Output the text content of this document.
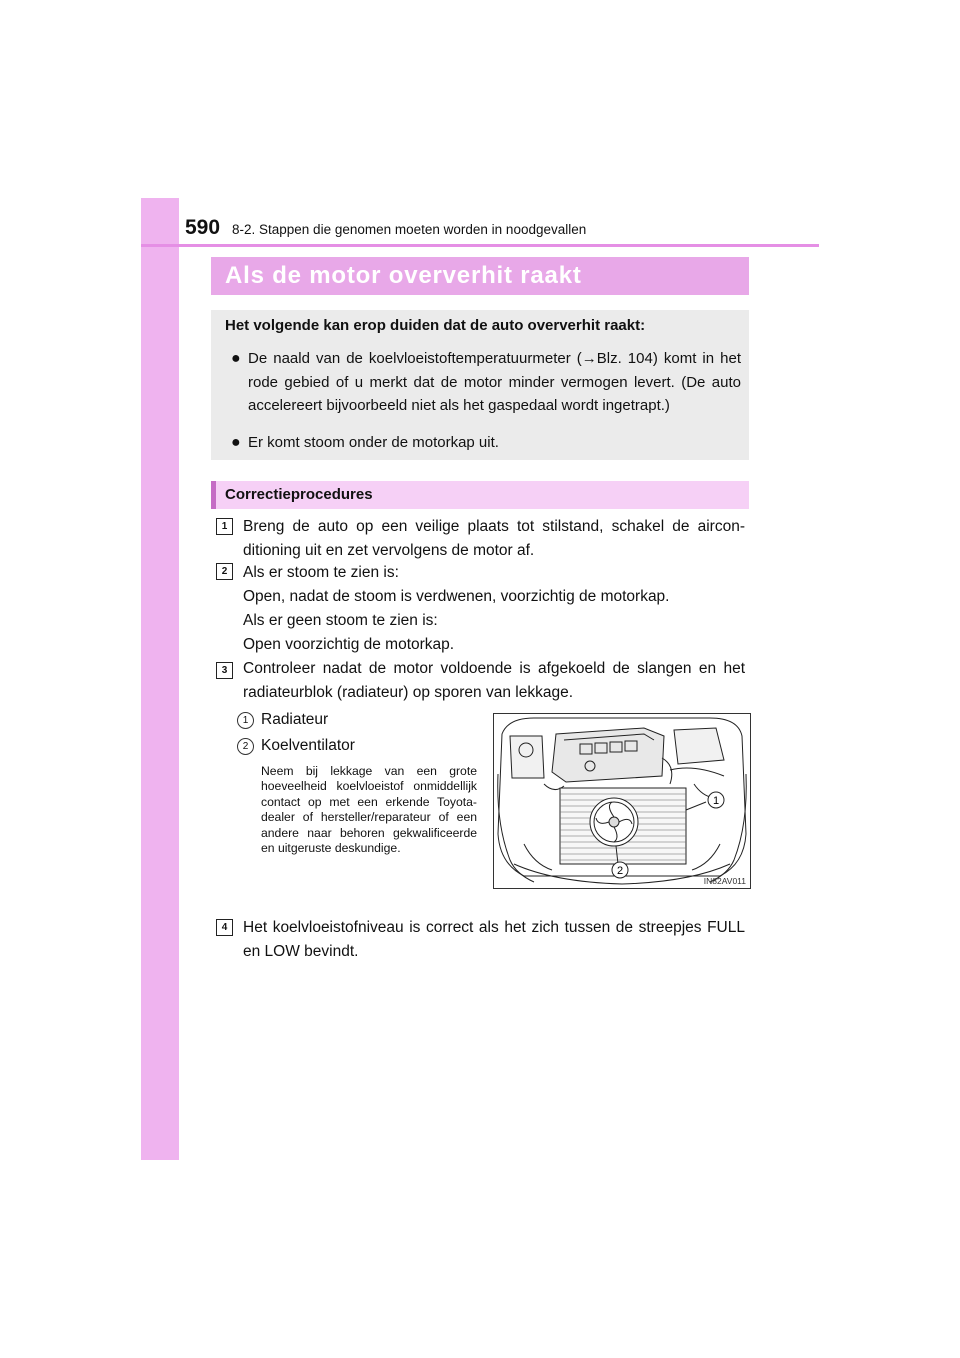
590 8-2. Stappen die genomen moeten worden in noodgevallen
Als de motor oververhit raakt
Het volgende kan erop duiden dat de auto oververhit raakt:
● De naald van de koelvloeistoftemperatuurmeter (→Blz. 104) komt in het rode gebied of u merkt dat de motor minder vermogen levert. (De auto accelereert bijvoorbeeld niet als het gaspedaal wordt ingetrapt.)
● Er komt stoom onder de motorkap uit.
Correctieprocedures
1	Breng de auto op een veilige plaats tot stilstand, schakel de airconditioning uit en zet vervolgens de motor af.
2	Als er stoom te zien is:
Open, nadat de stoom is verdwenen, voorzichtig de motorkap.
Als er geen stoom te zien is:
Open voorzichtig de motorkap.
3	Controleer nadat de motor voldoende is afgekoeld de slangen en het radiateurblok (radiateur) op sporen van lekkage.
1 Radiateur
2 Koelventilator
Neem bij lekkage van een grote hoeveelheid koelvloeistof onmiddellijk contact op met een erkende Toyota-dealer of hersteller/reparateur of een andere naar behoren gekwalificeerde en uitgeruste deskundige.
1
2
IN82AV011
4	Het koelvloeistofniveau is correct als het zich tussen de streepjes FULL en LOW bevindt.
